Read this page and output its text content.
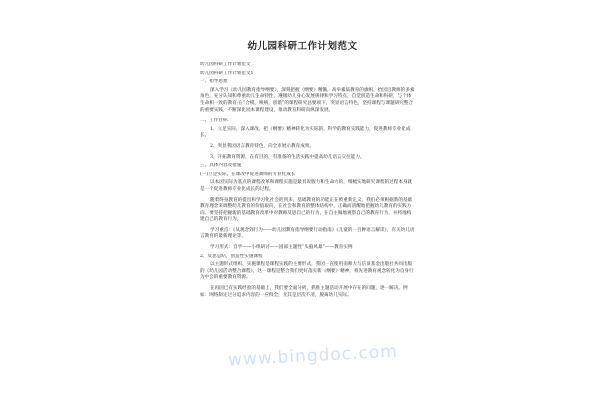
幼儿园科研工作计划范文

幼儿园科研工作计划范文

幼儿园科研工作计划范文1

一、指导思想

深入学习《幼儿园教育指导纲要》，深刻把握《纲要》精髓，高举素质教育的旗帜，抬园目教师的多素角色，充分认知和尊重幼儿生命特性，遵循幼儿身心发展规律和学习特点，自觉创造生命和科研，与个体生命相一致的教育;在“合模，唤响，创新”的课程研究总要项下，突显语言特色，坚持课程与课题研究整合的重要实践，不断深化园本课程建设，推动教育科研向纵深发展。

二、工作目标

1、立足实际，深入课改，把《纲要》精神转化为实际的、科学的教育实践能力，促进教师专业化成长。

2、突显我园语言教育特色，向全市展示教育成果。

3、开拓教育资源，在有目的、有准备的生活实践中提高幼儿语言交往能力。

三、具体内容及措施

(一)立足实际，在课改中促进教师的专业化成长

以本园实际为基点的课程改革和课程实施是最具说服力和生命力的，细梳实地研究课程的过程本身就是一个促进教师专业化成长的过程。

随着终身教育的提出和学习化社会的到来，基础教育的功能正在被重新定义，我们必须根据新的基础教育理念来调整幼儿教育的价值取向，在社会和教育的整体结构中，正确而清醒地把握幼儿教育的实践方向。要坚持把握新的基础教育改革中对教师反思自己的行为，在自主做地观察自己的教育行为，并将地构建自己的教育行为。

学习重点：《从观念到行为——幼儿园教育指导纲要行动指南》《儿童的一百种语言解读》，有关幼儿语言教育的最新理论等。

学习形式：自学——小组研讨——园部主题性“头脑风暴”——教育实例

2、反思总结，创造性实施课程

以主题形式组织、实施课程是课程实践的主要形式，我园一直使用南师大与信谊基金出版社共同出版的《幼儿园活动整合课程》，这一课程是整合我们更好落实新《纲要》精神，将先进教育观念转化为自身行为中会的重要教育资源。

在再固已有实践经验的基础上，我们要全面分析，抓推主题活动开展中存在的问题，逐一解决。例如：网络制定过分追求内容的一应俱全，尤其是层次不清，脱离幼儿实际。

www.bingdoc.com
